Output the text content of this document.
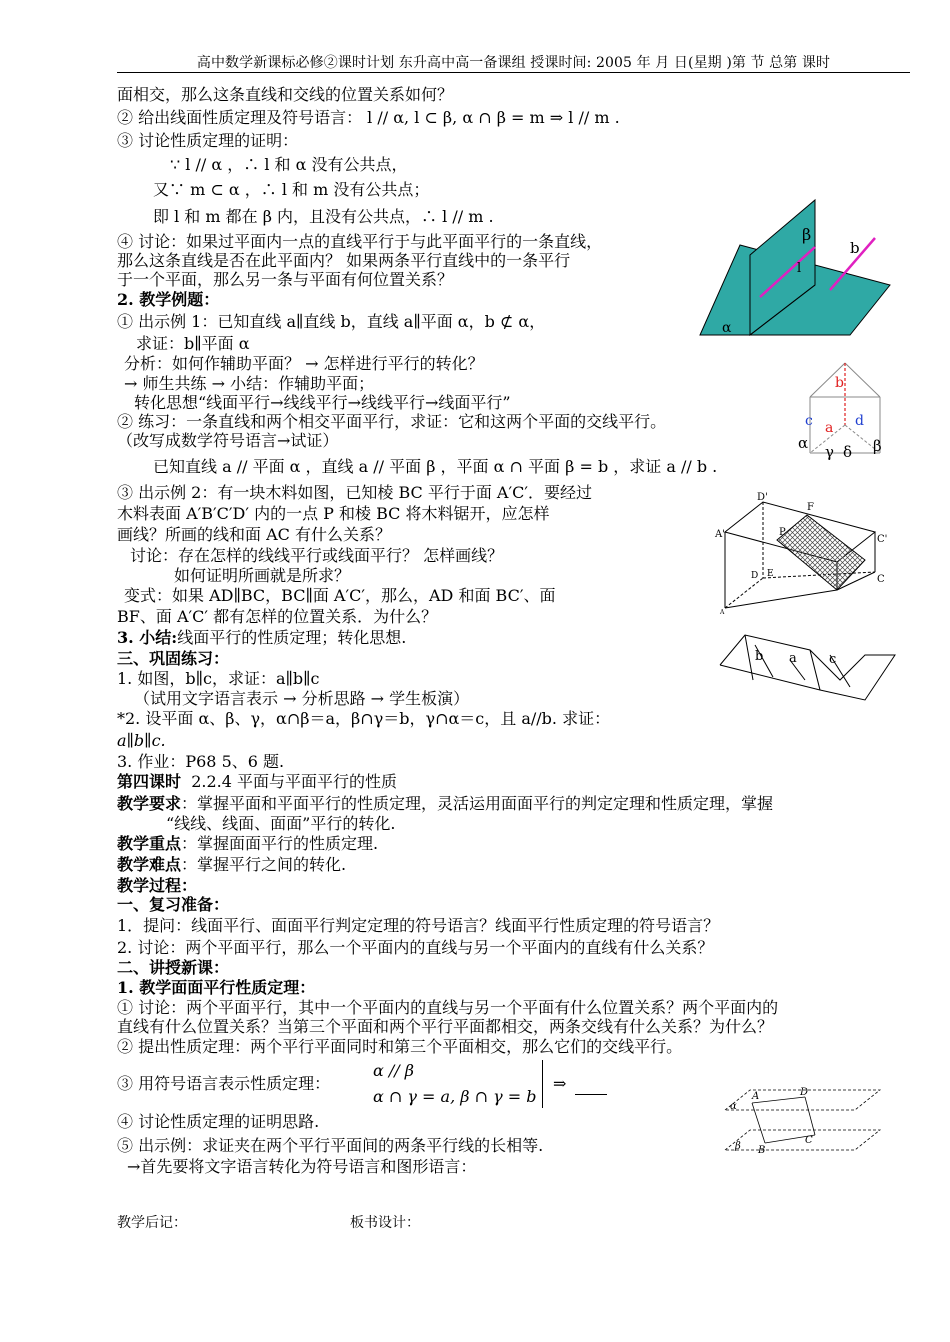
高中数学新课标必修②课时计划 东升高中高一备课组 授课时间: 2005 年 月 日(星期 )第 节 总第 课时
面相交，那么这条直线和交线的位置关系如何？
② 给出线面性质定理及符号语言： l // α, l ⊂ β, α ∩ β = m ⇒ l // m .
③ 讨论性质定理的证明：
∵ l // α ，∴ l 和 α 没有公共点，
又∵ m ⊂ α ，∴ l 和 m 没有公共点；
即 l 和 m 都在 β 内，且没有公共点，∴ l // m .
④ 讨论：如果过平面内一点的直线平行于与此平面平行的一条直线，
那么这条直线是否在此平面内？ 如果两条平行直线中的一条平行
于一个平面，那么另一条与平面有何位置关系？
2. 教学例题：
① 出示例 1：已知直线 a∥直线 b，直线 a∥平面 α，b ⊄ α，
求证：b∥平面 α
分析：如何作辅助平面？ → 怎样进行平行的转化？
→ 师生共练 → 小结：作辅助平面；
转化思想“线面平行→线线平行→线线平行→线面平行”
② 练习：一条直线和两个相交平面平行，求证：它和这两个平面的交线平行。
（改写成数学符号语言→试证）
已知直线 a // 平面 α ，直线 a // 平面 β ，平面 α ∩ 平面 β = b ，求证 a // b .
③ 出示例 2：有一块木料如图，已知棱 BC 平行于面 A′C′．要经过
木料表面 A′B′C′D′ 内的一点 P 和棱 BC 将木料锯开，应怎样
画线？所画的线和面 AC 有什么关系？
讨论：存在怎样的线线平行或线面平行？ 怎样画线？
如何证明所画就是所求？
变式：如果 AD∥BC，BC∥面 A′C′，那么，AD 和面 BC′、面
BF、面 A′C′ 都有怎样的位置关系．为什么？
3. 小结:线面平行的性质定理；转化思想.
三、巩固练习：
1. 如图，b∥c，求证：a∥b∥c
（试用文字语言表示 → 分析思路 → 学生板演）
*2. 设平面 α、β、γ，α∩β＝a，β∩γ＝b，γ∩α＝c，且 a//b. 求证：
a∥b∥c.
3. 作业：P68 5、6 题.
第四课时 2.2.4 平面与平面平行的性质
教学要求：掌握平面和平面平行的性质定理，灵活运用面面平行的判定定理和性质定理，掌握
“线线、线面、面面”平行的转化.
教学重点：掌握面面平行的性质定理.
教学难点：掌握平行之间的转化.
教学过程：
一、复习准备：
1．提问：线面平行、面面平行判定定理的符号语言？线面平行性质定理的符号语言？
2. 讨论：两个平面平行，那么一个平面内的直线与另一个平面内的直线有什么关系？
二、讲授新课：
1. 教学面面平行性质定理：
① 讨论：两个平面平行，其中一个平面内的直线与另一个平面有什么位置关系？两个平面内的
直线有什么位置关系？当第三个平面和两个平行平面都相交，两条交线有什么关系？为什么？
② 提出性质定理：两个平行平面同时和第三个平面相交，那么它们的交线平行。
③ 用符号语言表示性质定理：
α // β
α ∩ γ = a, β ∩ γ = b
⇒
④ 讨论性质定理的证明思路.
⑤ 出示例：求证夹在两个平行平面间的两条平行线的长相等.
→首先要将文字语言转化为符号语言和图形语言：
教学后记：	板书设计：
β
b
l
α
b
c	d
a
α γ δ β
D'
F
A'	P
C'
D E	C
A
b a c
α
A	D
β B
C
